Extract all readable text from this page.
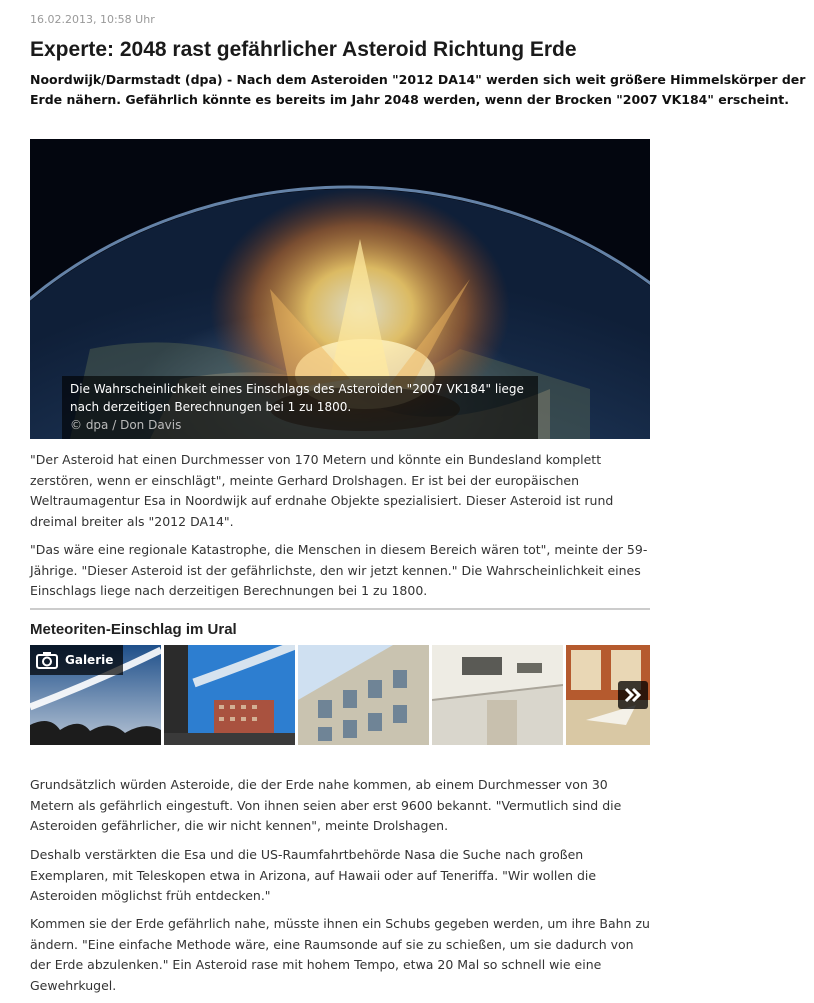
16.02.2013, 10:58 Uhr
Experte: 2048 rast gefährlicher Asteroid Richtung Erde

Noordwijk/Darmstadt (dpa) - Nach dem Asteroiden "2012 DA14" werden sich weit größere Himmelskörper der Erde nähern. Gefährlich könnte es bereits im Jahr 2048 werden, wenn der Brocken "2007 VK184" erscheint.

Die Wahrscheinlichkeit eines Einschlags des Asteroiden "2007 VK184" liege nach derzeitigen Berechnungen bei 1 zu 1800.
© dpa / Don Davis

"Der Asteroid hat einen Durchmesser von 170 Metern und könnte ein Bundesland komplett zerstören, wenn er einschlägt", meinte Gerhard Drolshagen. Er ist bei der europäischen Weltraumagentur Esa in Noordwijk auf erdnahe Objekte spezialisiert. Dieser Asteroid ist rund dreimal breiter als "2012 DA14".

"Das wäre eine regionale Katastrophe, die Menschen in diesem Bereich wären tot", meinte der 59-Jährige. "Dieser Asteroid ist der gefährlichste, den wir jetzt kennen." Die Wahrscheinlichkeit eines Einschlags liege nach derzeitigen Berechnungen bei 1 zu 1800.

Meteoriten-Einschlag im Ural
Galerie

Grundsätzlich würden Asteroide, die der Erde nahe kommen, ab einem Durchmesser von 30 Metern als gefährlich eingestuft. Von ihnen seien aber erst 9600 bekannt. "Vermutlich sind die Asteroiden gefährlicher, die wir nicht kennen", meinte Drolshagen.

Deshalb verstärkten die Esa und die US-Raumfahrtbehörde Nasa die Suche nach großen Exemplaren, mit Teleskopen etwa in Arizona, auf Hawaii oder auf Teneriffa. "Wir wollen die Asteroiden möglichst früh entdecken."

Kommen sie der Erde gefährlich nahe, müsste ihnen ein Schubs gegeben werden, um ihre Bahn zu ändern. "Eine einfache Methode wäre, eine Raumsonde auf sie zu schießen, um sie dadurch von der Erde abzulenken." Ein Asteroid rase mit hohem Tempo, etwa 20 Mal so schnell wie eine Gewehrkugel.
